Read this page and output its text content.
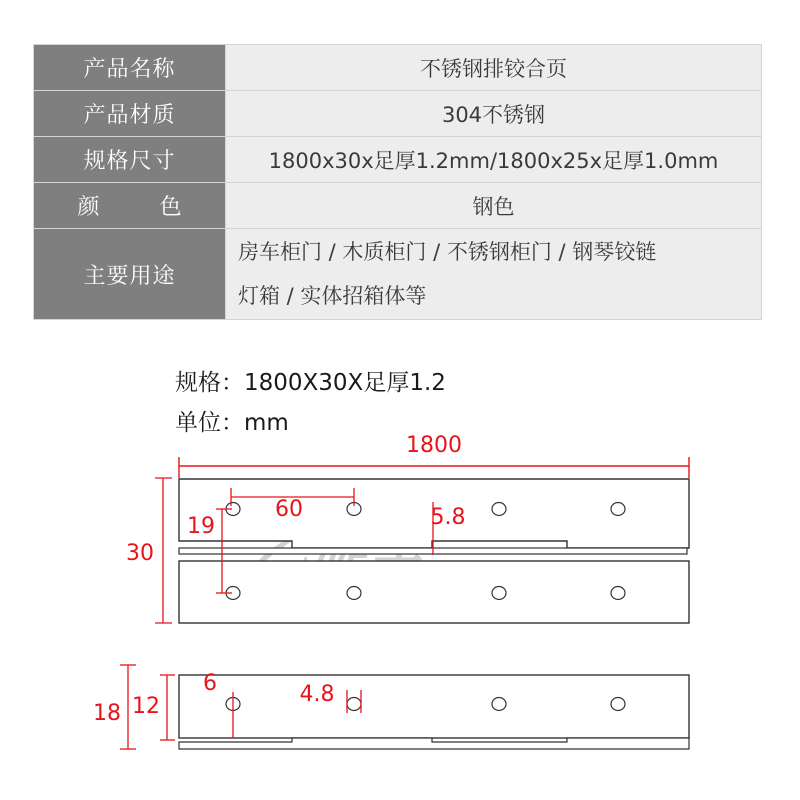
产品名称	不锈钢排铰合页
产品材质	304不锈钢
规格尺寸	1800x30x足厚1.2mm/1800x25x足厚1.0mm
颜 色	钢色
主要用途	房车柜门 / 木质柜门 / 不锈钢柜门 / 钢琴铰链
灯箱 / 实体招箱体等
规格：1800X30X足厚1.2
单位：mm
1800
60
19	5.8
30
18 12
6	4.8
